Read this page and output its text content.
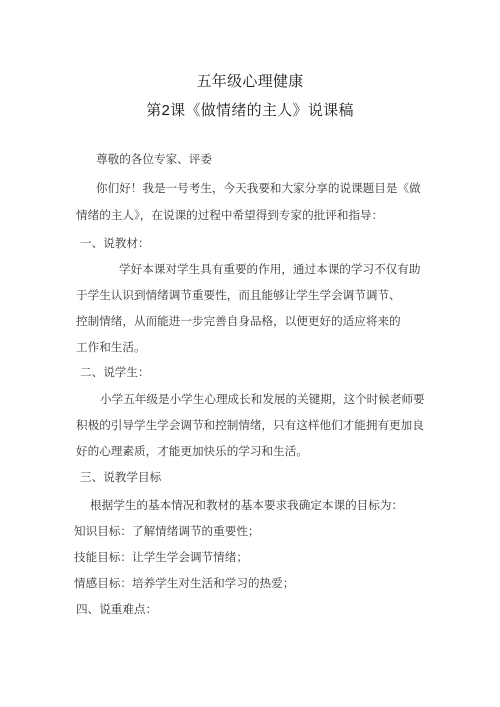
五年级心理健康
第2课《做情绪的主人》说课稿
尊敬的各位专家、评委
你们好！我是一号考生，今天我要和大家分享的说课题目是《做
情绪的主人》，在说课的过程中希望得到专家的批评和指导：
一、说教材：
学好本课对学生具有重要的作用，通过本课的学习不仅有助
于学生认识到情绪调节重要性，而且能够让学生学会调节调节、
控制情绪，从而能进一步完善自身品格，以便更好的适应将来的
工作和生活。
二、说学生：
小学五年级是小学生心理成长和发展的关键期，这个时候老师要
积极的引导学生学会调节和控制情绪，只有这样他们才能拥有更加良
好的心理素质，才能更加快乐的学习和生活。
三、说教学目标
根据学生的基本情况和教材的基本要求我确定本课的目标为：
知识目标：了解情绪调节的重要性；
技能目标：让学生学会调节情绪；
情感目标：培养学生对生活和学习的热爱；
四、说重难点：
